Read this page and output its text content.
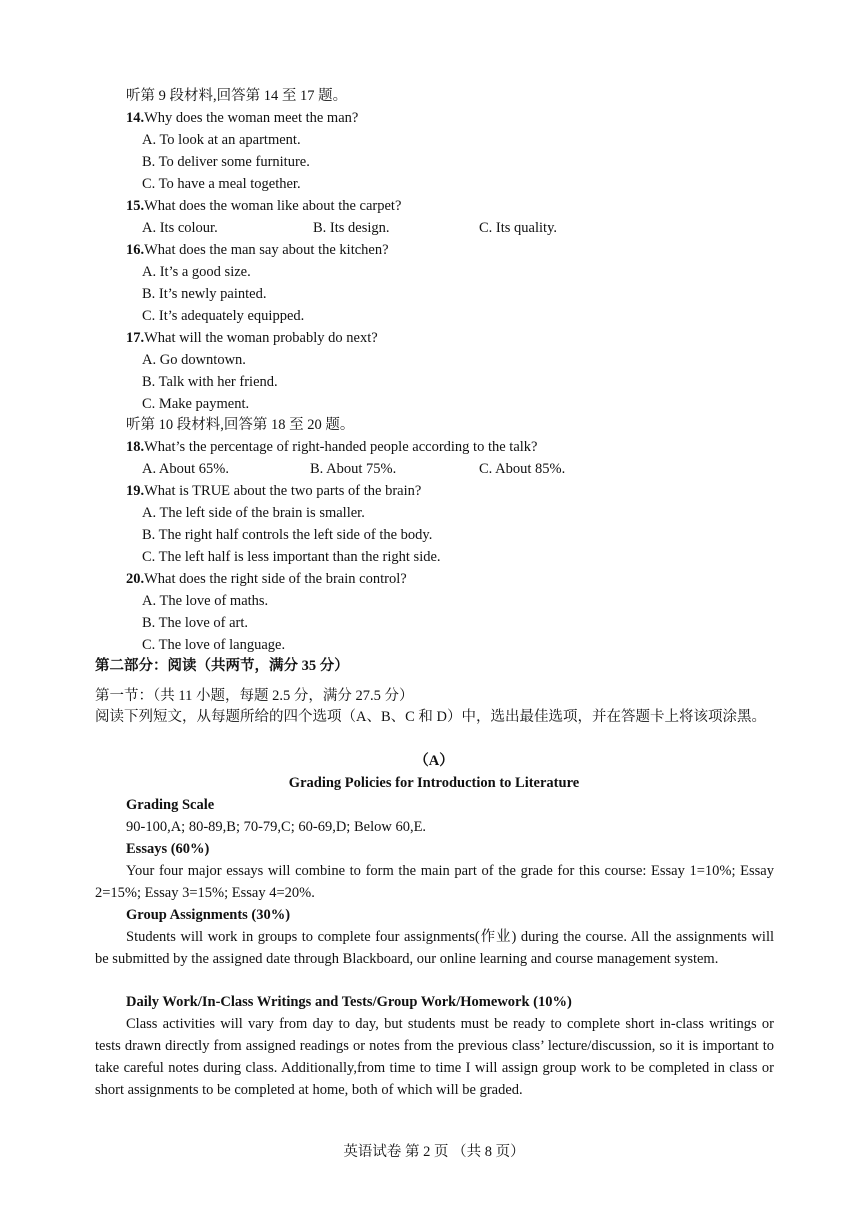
听第 9 段材料,回答第 14 至 17 题。
14.Why does the woman meet the man?
A. To look at an apartment.
B. To deliver some furniture.
C. To have a meal together.
15.What does the woman like about the carpet?
A. Its colour.	B. Its design.	C. Its quality.
16.What does the man say about the kitchen?
A. It’s a good size.
B. It’s newly painted.
C. It’s adequately equipped.
17.What will the woman probably do next?
A. Go downtown.
B. Talk with her friend.
C. Make payment.
听第 10 段材料,回答第 18 至 20 题。
18.What’s the percentage of right-handed people according to the talk?
A. About 65%.	B. About 75%.	C. About 85%.
19.What is TRUE about the two parts of the brain?
A. The left side of the brain is smaller.
B. The right half controls the left side of the body.
C. The left half is less important than the right side.
20.What does the right side of the brain control?
A. The love of maths.
B. The love of art.
C. The love of language.
第二部分：阅读（共两节，满分 35 分）
第一节：（共 11 小题，每题 2.5 分，满分 27.5 分）
阅读下列短文，从每题所给的四个选项（A、B、C 和 D）中，选出最佳选项，并在答题卡上将该项涂黑。
（A）
Grading Policies for Introduction to Literature
Grading Scale
90-100,A; 80-89,B; 70-79,C; 60-69,D; Below 60,E.
Essays (60%)

Your four major essays will combine to form the main part of the grade for this course: Essay 1=10%; Essay 2=15%; Essay 3=15%; Essay 4=20%.

Group Assignments (30%)

Students will work in groups to complete four assignments(作业) during the course. All the assignments will be submitted by the assigned date through Blackboard, our online learning and course management system.

Daily Work/In-Class Writings and Tests/Group Work/Homework (10%)

Class activities will vary from day to day, but students must be ready to complete short in-class writings or tests drawn directly from assigned readings or notes from the previous class’ lecture/discussion, so it is important to take careful notes during class. Additionally,from time to time I will assign group work to be completed in class or short assignments to be completed at home, both of which will be graded.

英语试卷 第 2 页 （共 8 页）
